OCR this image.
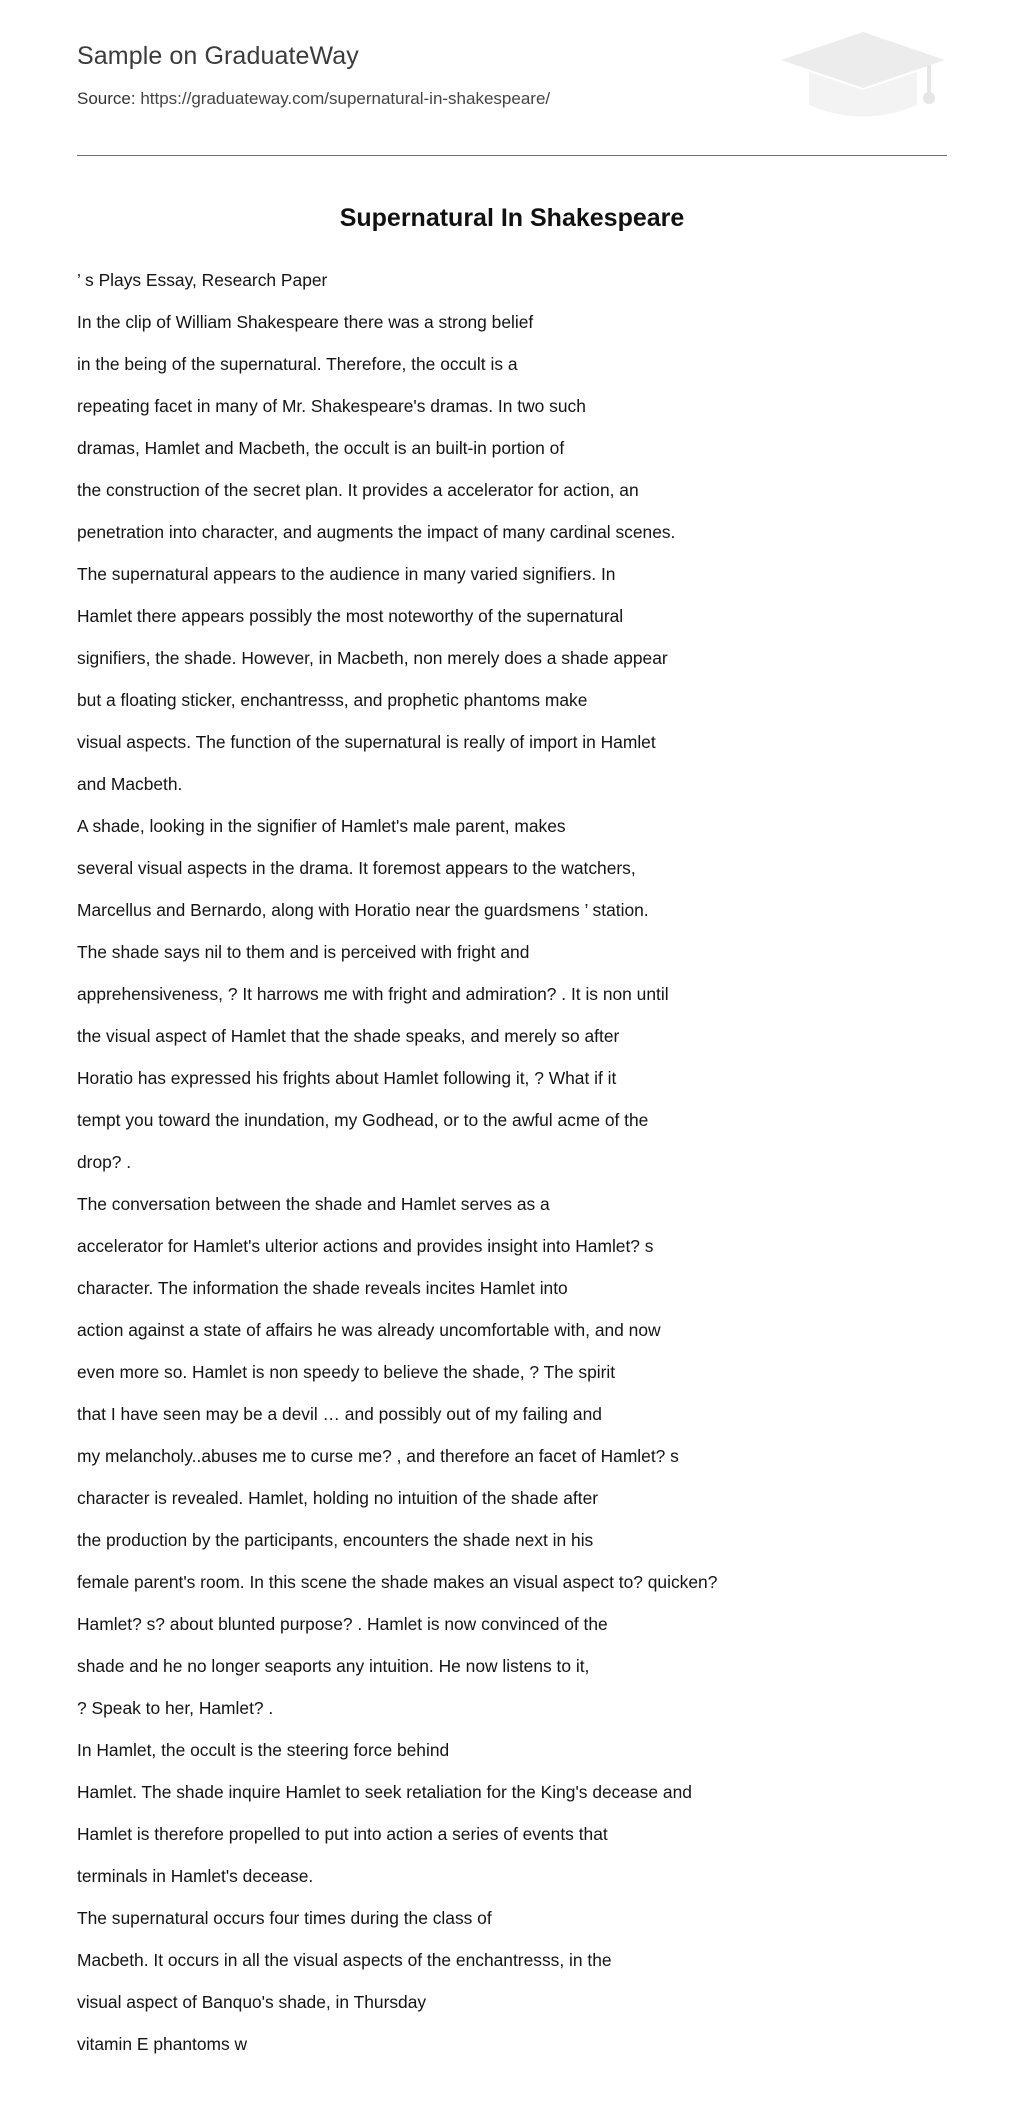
Sample on GraduateWay
Source: https://graduateway.com/supernatural-in-shakespeare/
Supernatural In Shakespeare
’ s Plays Essay, Research Paper
In the clip of William Shakespeare there was a strong belief
in the being of the supernatural. Therefore, the occult is a
repeating facet in many of Mr. Shakespeare's dramas. In two such
dramas, Hamlet and Macbeth, the occult is an built-in portion of
the construction of the secret plan. It provides a accelerator for action, an
penetration into character, and augments the impact of many cardinal scenes.
The supernatural appears to the audience in many varied signifiers. In
Hamlet there appears possibly the most noteworthy of the supernatural
signifiers, the shade. However, in Macbeth, non merely does a shade appear
but a floating sticker, enchantresss, and prophetic phantoms make
visual aspects. The function of the supernatural is really of import in Hamlet
and Macbeth.
A shade, looking in the signifier of Hamlet's male parent, makes
several visual aspects in the drama. It foremost appears to the watchers,
Marcellus and Bernardo, along with Horatio near the guardsmens ’ station.
The shade says nil to them and is perceived with fright and
apprehensiveness, ? It harrows me with fright and admiration? . It is non until
the visual aspect of Hamlet that the shade speaks, and merely so after
Horatio has expressed his frights about Hamlet following it, ? What if it
tempt you toward the inundation, my Godhead, or to the awful acme of the
drop? .
The conversation between the shade and Hamlet serves as a
accelerator for Hamlet's ulterior actions and provides insight into Hamlet? s
character. The information the shade reveals incites Hamlet into
action against a state of affairs he was already uncomfortable with, and now
even more so. Hamlet is non speedy to believe the shade, ? The spirit
that I have seen may be a devil … and possibly out of my failing and
my melancholy..abuses me to curse me? , and therefore an facet of Hamlet? s
character is revealed. Hamlet, holding no intuition of the shade after
the production by the participants, encounters the shade next in his
female parent's room. In this scene the shade makes an visual aspect to? quicken?
Hamlet? s? about blunted purpose? . Hamlet is now convinced of the
shade and he no longer seaports any intuition. He now listens to it,
? Speak to her, Hamlet? .
In Hamlet, the occult is the steering force behind
Hamlet. The shade inquire Hamlet to seek retaliation for the King's decease and
Hamlet is therefore propelled to put into action a series of events that
terminals in Hamlet's decease.
The supernatural occurs four times during the class of
Macbeth. It occurs in all the visual aspects of the enchantresss, in the
visual aspect of Banquo's shade, in Thursday
vitamin E phantoms w
